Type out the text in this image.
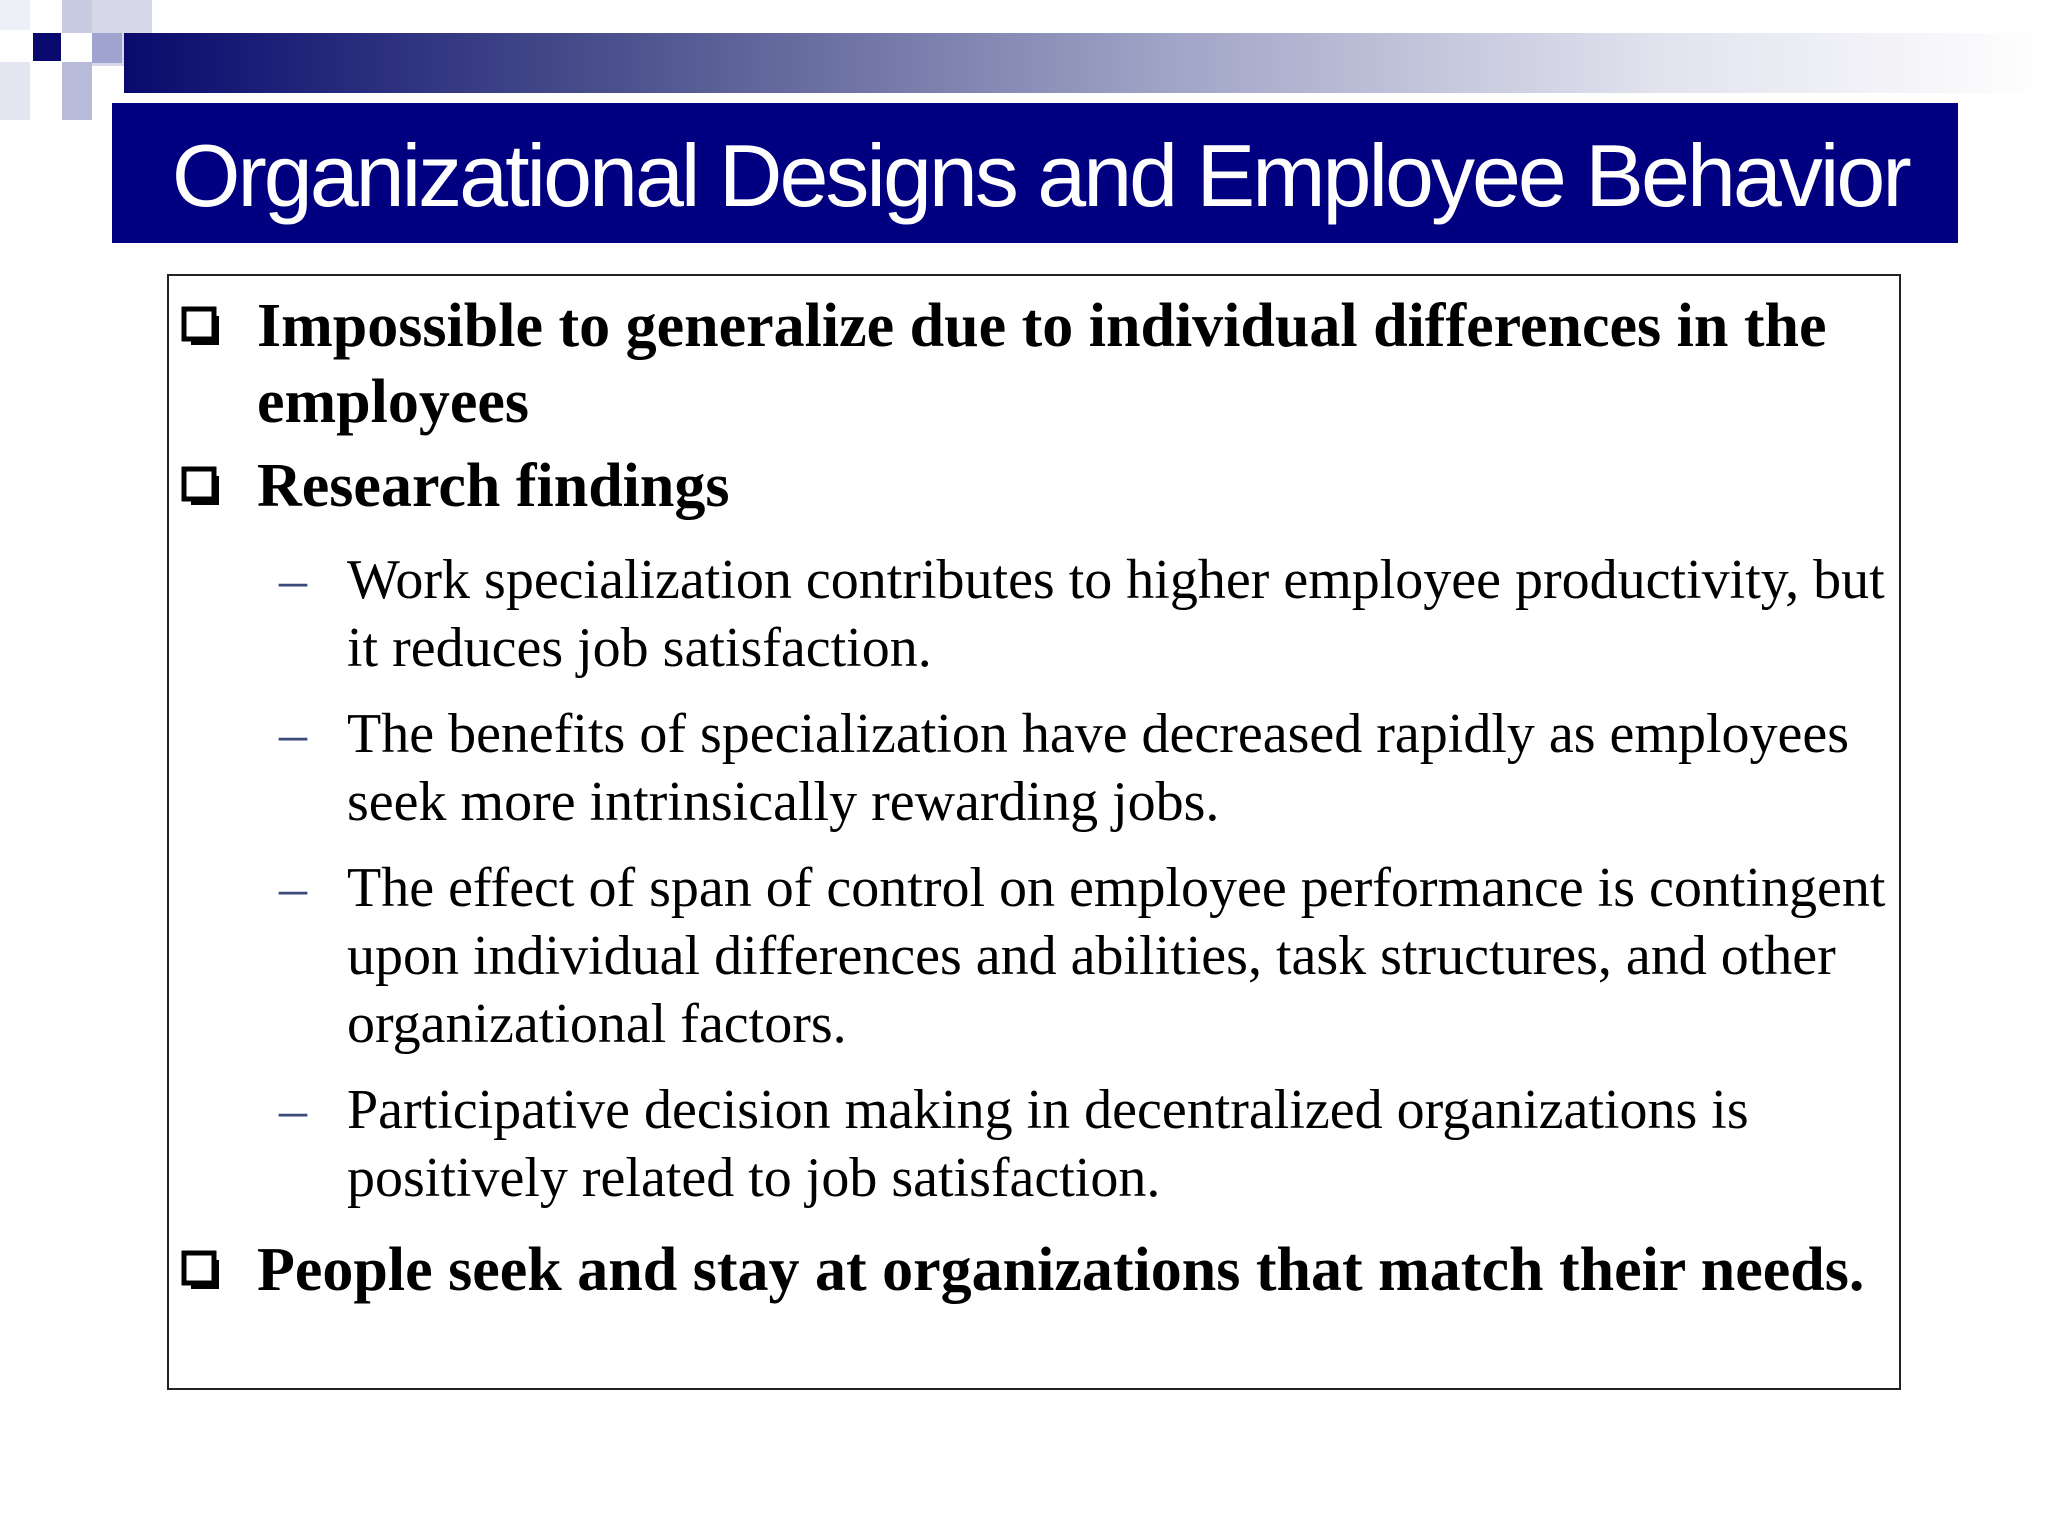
Organizational Designs and Employee Behavior
Impossible to generalize due to individual differences in the employees
Research findings
– Work specialization contributes to higher employee productivity, but it reduces job satisfaction.
– The benefits of specialization have decreased rapidly as employees seek more intrinsically rewarding jobs.
– The effect of span of control on employee performance is contingent upon individual differences and abilities, task structures, and other organizational factors.
– Participative decision making in decentralized organizations is positively related to job satisfaction.
People seek and stay at organizations that match their needs.
